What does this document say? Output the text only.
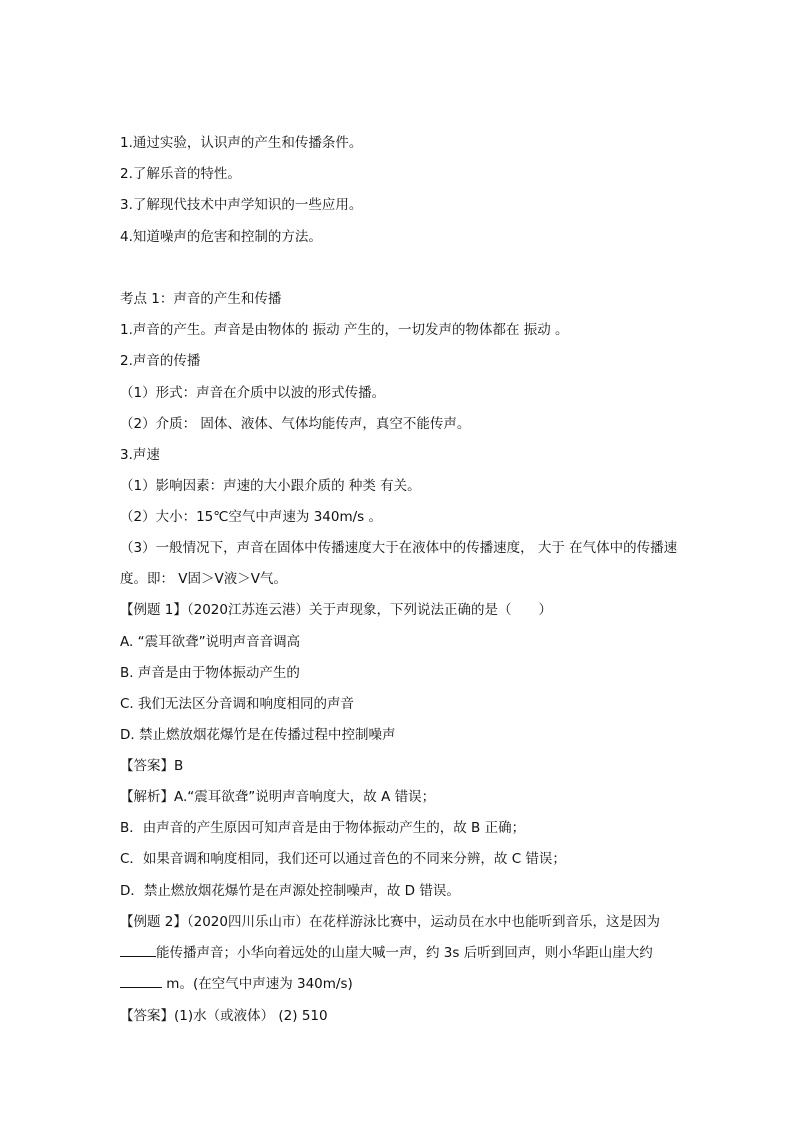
1.通过实验，认识声的产生和传播条件。
2.了解乐音的特性。
3.了解现代技术中声学知识的一些应用。
4.知道噪声的危害和控制的方法。
考点 1：声音的产生和传播
1.声音的产生。声音是由物体的 振动 产生的，一切发声的物体都在 振动 。
2.声音的传播
（1）形式：声音在介质中以波的形式传播。
（2）介质： 固体、液体、气体均能传声，真空不能传声。
3.声速
（1）影响因素：声速的大小跟介质的 种类 有关。
（2）大小：15℃空气中声速为 340m/s 。
（3）一般情况下，声音在固体中传播速度大于在液体中的传播速度， 大于 在气体中的传播速度。即： V固＞V液＞V气。
【例题 1】（2020江苏连云港）关于声现象，下列说法正确的是（　　）
A. “震耳欲聋”说明声音音调高
B. 声音是由于物体振动产生的
C. 我们无法区分音调和响度相同的声音
D. 禁止燃放烟花爆竹是在传播过程中控制噪声
【答案】B
【解析】A.“震耳欲聋”说明声音响度大，故 A 错误；
B．由声音的产生原因可知声音是由于物体振动产生的，故 B 正确；
C．如果音调和响度相同，我们还可以通过音色的不同来分辨，故 C 错误；
D．禁止燃放烟花爆竹是在声源处控制噪声，故 D 错误。
【例题 2】（2020四川乐山市）在花样游泳比赛中，运动员在水中也能听到音乐，这是因为
能传播声音；小华向着远处的山崖大喊一声，约 3s 后听到回声，则小华距山崖大约
m。(在空气中声速为 340m/s)
【答案】(1)水（或液体） (2) 510
